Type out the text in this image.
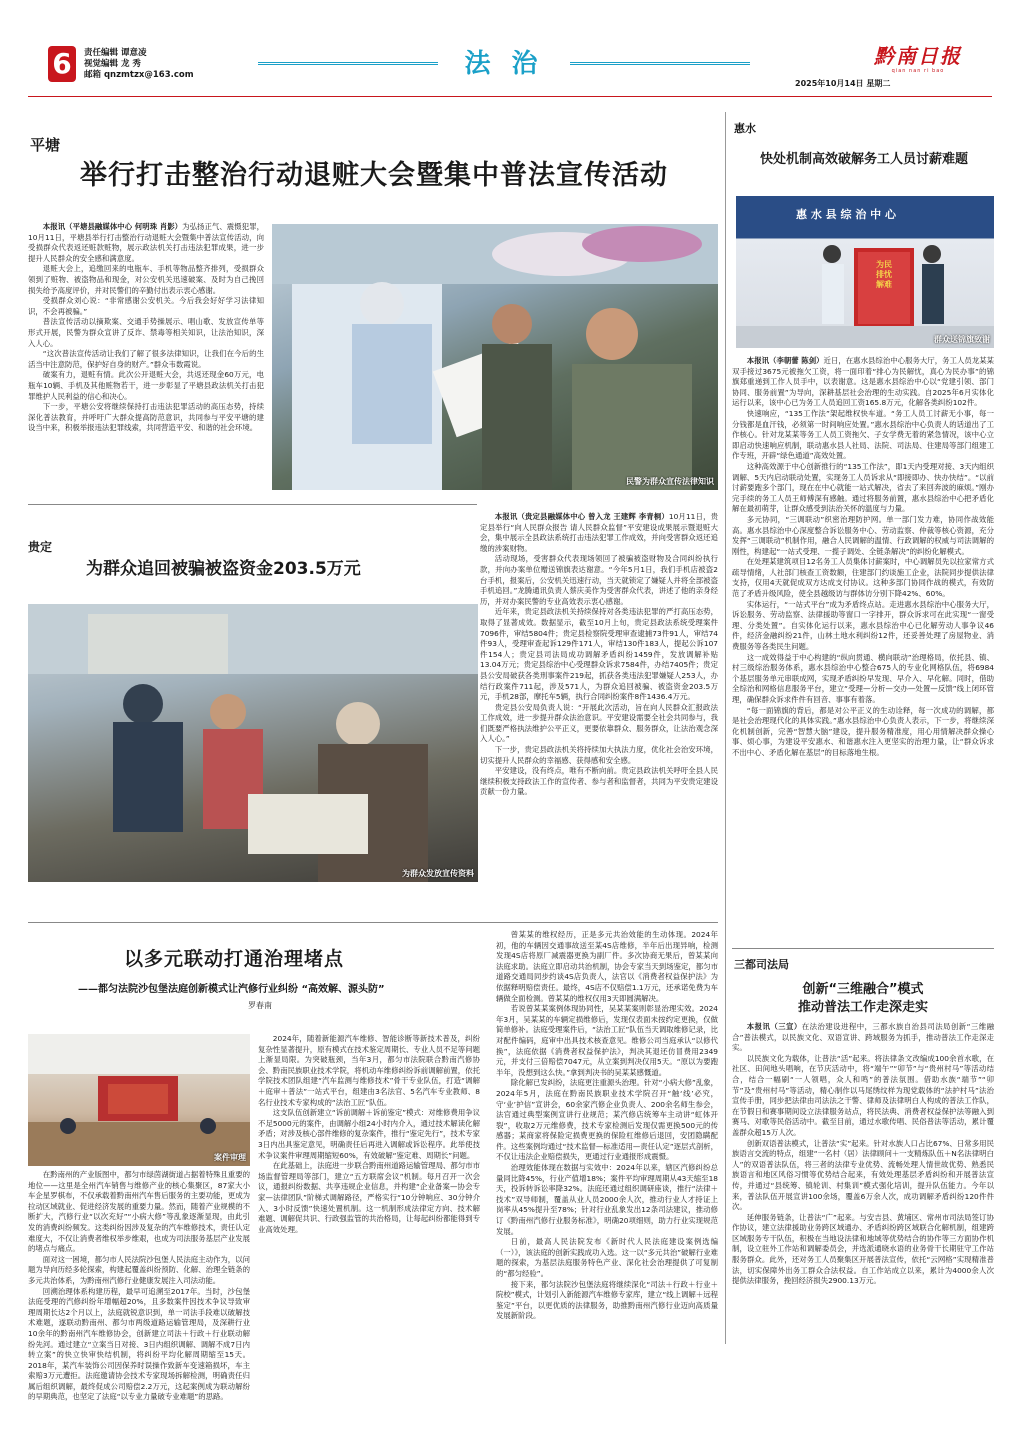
6	责任编辑 谭意凌
视觉编辑 龙 秀
邮箱 qnzmtzx@163.com	法 治	黔南日报
qian nan ri bao
2025年10月14日 星期二
平塘
举行打击整治行动退赃大会暨集中普法宣传活动

本报讯（平塘县融媒体中心 何明珠 肖影）为弘扬正气、震慑犯罪，10月11日，平塘县举行打击整治行动退赃大会暨集中普法宣传活动，向受损群众代表返还赃款赃物，展示政法机关打击违法犯罪成果，进一步提升人民群众的安全感和满意度。

退赃大会上，追缴回来的电瓶车、手机等物品整齐排列，受损群众领到了赃物、被盗物品和现金，对公安机关迅速破案、及时为自己挽回损失给予高度评价，并对民警们的辛勤付出表示衷心感谢。

受损群众刘心说：“非常感谢公安机关。今后我会好好学习法律知识，不会再被骗。”

普法宣传活动以摘欺案、交通手势操展示、唱山歌、发放宣传单等形式开展，民警为群众宣讲了反诈、禁毒等相关知识，让法治知识，深入人心。

“这次普法宣传活动让我们了解了很多法律知识，让我们在今后的生活当中注意防范，保护好自身的财产。”群众韦数霞说。

破案有力，退赃有情。此次公开退赃大会，共返还现金60万元，电瓶车10辆、手机及其他赃物若干，进一步彰显了平塘县政法机关打击犯罪维护人民利益的信心和决心。

下一步，平塘公安将继续保持打击违法犯罪活动的高压态势，持续深化普法教育，并呼吁广大群众提高防范意识，共同参与平安平塘的建设当中来，积极举报违法犯罪线索，共同营造平安、和谐的社会环境。

民警为群众宣传法律知识
贵定
为群众追回被骗被盗资金203.5万元
为群众发放宣传资料

本报讯（贵定县融媒体中心 曾入龙 王建辉 李青桐）10月11日，贵定县举行“向人民群众报告 请人民群众监督”平安建设成果展示暨退赃大会，集中展示全县政法系统打击违法犯罪工作成效，并向受害群众返还追缴的涉案财物。

活动现场，受害群众代表现场领回了被骗被盗财物及合同纠纷执行款，并向办案单位赠送锦旗表达谢意。“今年5月1日，我们手机店被盗2台手机，报案后，公安机关迅速行动，当天就锁定了嫌疑人并将全部被盗手机追回。”龙腾通讯负责人蔡庆美作为受害群众代表，讲述了他的亲身经历，并对办案民警的专业高效表示衷心感谢。

近年来，贵定县政法机关持续保持对各类违法犯罪的严打高压态势，取得了显著成效。数据显示，截至10月上旬，贵定县政法系统受理案件7096件，审结5804件；贵定县检察院受理审查逮捕73件91人，审结74件93人，受理审查起诉129件171人，审结130件183人，提起公诉107件154人；贵定县司法局成功调解矛盾纠纷1459件，发放调解补贴13.04万元；贵定县综治中心受理群众诉求7584件，办结7405件；贵定县公安局破获各类刑事案件219起，抓获各类违法犯罪嫌疑人253人，办结行政案件711起，涉及571人，为群众追回被骗、被盗资金203.5万元，手机28部，摩托车5辆，执行合同纠纷案件8件1436.4万元。

贵定县公安局负责人说：“开展此次活动，旨在向人民群众汇报政法工作成效，进一步提升群众法治意识。平安建设需要全社会共同参与，我们既要严格执法维护公平正义，更要依靠群众、服务群众，让法治观念深入人心。”

下一步，贵定县政法机关将持续加大执法力度，优化社会治安环境，切实提升人民群众的幸福感、获得感和安全感。

平安建设，没有终点，唯有不断向前。贵定县政法机关呼吁全县人民继续积极支持政法工作的宣传者、参与者和监督者，共同为平安贵定建设贡献一份力量。

以多元联动打通治理堵点
——都匀法院沙包堡法庭创新模式让汽修行业纠纷 “高效解、源头防”
罗春南
案件审理

在黔南州的产业版图中，都匀市绿茵湖街道占据着特殊且重要的地位——这里是全州汽车销售与维修产业的核心集聚区，87家大小车企星罗棋布，不仅承载着黔南州汽车售后服务的主要功能，更成为拉动区域就业、促进经济发展的重要力量。然而，随着产业规模的不断扩大，汽修行业“以次充好”“小病大修”等乱象逐渐显现，由此引发的消费纠纷频发。这类纠纷因涉及复杂的汽车维修技术，责任认定难度大，不仅让消费者维权举步维艰，也成为司法服务基层产业发展的堵点与痛点。

面对这一困境，都匀市人民法院沙包堡人民法庭主动作为，以问题为导向历经多轮探索，构建起覆盖纠纷预防、化解、治理全链条的多元共治体系，为黔南州汽修行业健康发展注入司法动能。

回溯治理体系构建历程，最早可追溯至2017年。当时，沙包堡法庭受理的汽修纠纷年增幅超20%，且多数案件因技术争议导致审理周期长达2个月以上，法庭就锐意识到，单一司法手段难以破解技术难题，遂联动黔南州、都匀市两级道路运输管理局，及深耕行业10余年的黔南州汽车维修协会，创新建立司法＋行政＋行业联动解纷先河。通过建立“立案当日对接、3日内组织调解、调解不成7日内转立案”的快立快审快结机制，将纠纷平均化解周期缩至15天。2018年，某汽车装饰公司因保养时误操作致新车变速箱损坏，车主索赔3万元遭拒。法庭邀请协会技术专家现场拆解检测，明确责任归属后组织调解，最终促成公司赔偿2.2万元，这起案例成为联动解纷的早期典范，也坚定了法庭“以专业力量破专业难题”的思路。

2024年，随着新能源汽车维修、智能诊断等新技术普及，纠纷复杂性显著提升，原有模式在技术鉴定周期长、专业人员不足等问题上渐显局限。为突破瓶颈，当年3月，都匀市法院联合黔南汽修协会、黔南民族职业技术学院，将机动车维修纠纷诉前调解前置，依托学院技术团队组建“汽车监测与维修技术”骨干专业队伍，打造“调解＋庭审＋普法”一站式平台，组建由3名法官、5名汽车专业教师、8名行业技术专家构成的“法治工匠”队伍。

这支队伍创新建立“诉前调解＋诉前鉴定”模式：对维修费用争议不足5000元的案件，由调解小组24小时内介入，通过技术解读化解矛盾；对涉及核心部件维修的复杂案件，推行“鉴定先行”，技术专家3日内出具鉴定意见，明确责任后再进入调解或诉讼程序。此举使技术争议案件审理周期缩短60%，有效破解“鉴定难、周期长”问题。

在此基础上，法庭进一步联合黔南州道路运输管理局、都匀市市场监督管理局等部门，建立“五方联席会议”机制。每月召开一次会议，通报纠纷数据、共享违规企业信息，并构建“企业备案—协会专家—法律团队”阶梯式调解路径，严格实行“10分钟响应、30分钟介入、3小时反馈”快速处置机制。这一机制形成法律定方向、技术解难题、调解促共识、行政强监管的共治格局，让每起纠纷都能得到专业高效处理。

曾某某的维权经历，正是多元共治效能的生动体现。2024年初，他的车辆因交通事故送至某4S店维修，半年后出现异响，检测发现4S店将原厂减震器更换为副厂件。多次协商无果后，曾某某向法庭求助。法庭立即启动共治机制，协会专家当天到场鉴定，都匀市道路交通局同步约谈4S店负责人，法官以《消费者权益保护法》为依据释明赔偿责任。最终，4S店不仅赔偿1.1万元，还承诺免费为车辆做全面检测。曾某某的维权仅用3天即圆满解决。

若说曾某某案例体现协同性，吴某某案则彰显治理实效。2024年3月，吴某某的车辆定损维修后，发现仅表面未按约定更换，仅做简单修补。法庭受理案件后，“法治工匠”队伍当天调取维修记录，比对配件编码，庭审中出具技术核查意见。维修公司当庭承认“以修代换”，法庭依据《消费者权益保护法》，判决其退还仿冒费用2349元，并支付三倍赔偿7047元，从立案到判决仅用5天。“原以为要跑半年，没想到这么快。”拿到判决书的吴某某感慨道。

除化解已发纠纷，法庭更注重源头治理。针对“小病大修”乱象，2024年5月，法庭在黔南民族职业技术学院召开“触‘线’必究，守‘业’护信”宣讲会，60余家汽修企业负责人、200余名师生参会，法官通过典型案例宣讲行业规范；某汽修店统筹车主动讲“虹体开裂”，收取2万元维修费，技术专家检测后发现仅需更换500元的传感器；某商家将保险定损费更换的保险杠维修后退回，安团隐瞒配件。这些案例均通过“技术监督—标准适用—责任认定”逐层式剖析，不仅让违法企业赔偿损失，更通过行业通报形成震慑。

治理效能体现在数据与实效中：2024年以来，辖区汽修纠纷总量同比降45%，行业产值增18%；案件平均审理周期从43天缩至18天，投诉转诉讼率降32%。法庭还通过组织调研座谈，推行“法律＋技术”双导师制，覆盖从业人员2000余人次，推动行业人才持证上岗率从45%提升至78%；针对行业乱象发出12条司法建议，推动修订《黔南州汽修行业服务标准》，明确20项细则，助力行业实现规范发展。

日前，最高人民法院发布《新时代人民法庭建设案例选编（一）》，该法庭的创新实践成功入选。这一以“多元共治”破解行业难题的探索，为基层法庭服务特色产业、深化社会治理提供了可复制的“都匀经验”。

接下来，都匀法院沙包堡法庭将继续深化“司法＋行政＋行业＋院校”模式，计划引入新能源汽车维修专家库，建立“线上调解＋远程鉴定”平台，以更优质的法律服务，助推黔南州汽修行业迈向高质量发展新阶段。

惠水
快处机制高效破解务工人员讨薪难题
惠 水 县 综 治 中 心
为民排忧解难
群众送锦旗致谢

本报讯（李朝蕾 陈剑）近日，在惠水县综治中心服务大厅，务工人员龙某某双手接过3675元被拖欠工资，将一面印着“排心为民解忧，真心为民办事”的锦旗郑重递到工作人员手中，以表谢意。这是惠水县综治中心以“党建引领、部门协同、服务前置”为导向，深耕基层社会治理的生动实践。自2025年6月实体化运行以来，该中心已为务工人员追回工资165.8万元，化解各类纠纷102件。

快速响应，“135工作法”架起维权快车道。“务工人员工讨薪无小事，每一分钱都是血汗钱，必须第一时间响应处置。”惠水县综治中心负责人的话道出了工作核心。针对龙某某等务工人员工资拖欠、子女学费无着的紧急情况，该中心立即启动快速响应机制，联动惠水县人社局、法院、司法局、住建局等部门组建工作专班，开辟“绿色通道”高效处置。

这种高效源于中心创新推行的“135工作法”，即1天内受理对接、3天内组织调解、5天内启动联动处置，实现务工人员诉求从“即接即办、快办快结”。“以前讨薪要跑多个部门，现在在中心就能一站式解决，省去了来回奔波的麻烦。”刚办完手续的务工人员王师傅深有感触。通过将服务前置，惠水县综治中心把矛盾化解在最初萌芽，让群众感受到法治关怀的温度与力量。

多元协同，“三调联动”织密治理防护网。单一部门发力难，协同作战效能高。惠水县综治中心深度整合诉讼服务中心、劳动监察、仲裁等核心资源，充分发挥“三调联动”机制作用，融合人民调解的温情、行政调解的权威与司法调解的刚性，构建起“一站式受理、一揽子调处、全链条解决”的纠纷化解模式。

在处理某建筑项目12名务工人员集体讨薪案时，中心调解员先以拉家常方式疏导情绪，人社部门核查工资数额，住建部门约谈施工企业，法院同步提供法律支持，仅用4天就促成双方达成支付协议。这种多部门协同作战的模式，有效防范了矛盾升级风险，使全县越级访与群体访分别下降42%、60%。

实体运行，“一站式平台”成为矛盾终点站。走进惠水县综治中心服务大厅，诉讼服务、劳动监察、法律援助等窗口一字排开，群众诉求可在此实现“一窗受理、分类处置”。自实体化运行以来，惠水县综治中心已化解劳动人事争议46件，经济金融纠纷21件，山林土地水利纠纷12件，还妥善处理了房屋物业、消费服务等各类民生问题。

这一成效得益于中心构建的“纵向贯通、横向联动”治理格局，依托县、镇、村三级综治服务体系，惠水县综治中心整合675人的专业化网格队伍，将6984个基层服务单元串联成网，实现矛盾纠纷早发现、早介入、早化解。同时，借助全综治和网格信息服务平台，建立“受理—分析—交办—处置—反馈”线上闭环管理，确保群众诉求件件有回音、事事有着落。

“每一面锦旗的背后，都是对公平正义的生动诠释，每一次成功的调解，都是社会治理现代化的具体实践。”惠水县综治中心负责人表示，下一步，将继续深化机制创新，完善“智慧大脑”建设，提升服务精准度，用心用情解决群众操心事、烦心事，为建设平安惠水、和谐惠水注入更坚实的治理力量，让“群众诉求不出中心、矛盾化解在基层”的目标落地生根。

三都司法局
创新“三维融合”模式
推动普法工作走深走实

本报讯（三宣）在法治建设进程中，三都水族自治县司法局创新“三维融合”普法模式，以民族文化、双语宣讲、跨域服务为抓手，推动普法工作走深走实。

以民族文化为载体，让普法“活”起来。将法律条文改编成100余首水歌，在社区、田间地头唱响，在节庆活动中，将“端午”“卯节”与“贵州村马”等活动结合，结合一幅刷“一人领唱，众人和鸣”的普法氛围。借助水族“端节”“卯节”及“贵州村马”等活动，精心制作以马尾绣纹样为现党载体的“法护村马”法治宣传手册，同步把法律由司法法之干警、律师及法律明白人构成的普法工作队，在节假日和赛事期间设立法律服务站点，将民法典、消费者权益保护法等融入到赛马、对歌等民俗活动中。截至目前，通过水歌传唱、民俗普法等活动，累计覆盖群众超15万人次。

创新双语普法模式，让普法“实”起来。针对水族人口占比67%、日常多用民族语言交流的特点，组建“一名村（居）法律顾问＋一支精炼队伍＋N名法律明白人”的双语普法队伍，将三者的法律专业优势、流畅处理人情世故优势、熟悉民族语言和地区风俗习惯等优势结合起来，有效处理基层矛盾纠纷和开展普法宣传，并通过“县统筹、镇轮训、村集训”模式强化培训，提升队伍能力。今年以来，普法队伍开展宣讲100余场，覆盖6万余人次，成功调解矛盾纠纷120件件次。

延伸服务链条，让普法“广”起来。与安吉县、黄埔区、常州市司法局签订协作协议，建立法律援助业务跨区域通办、矛盾纠纷跨区域联合化解机制，组建跨区域服务专干队伍，积极在当地设法律和地域等优势结合的协作等三方面协作机制，设立驻外工作站和调解委员会，并选派通晓水语的业务骨干长期驻守工作站服务群众。此外，还对务工人员聚集区开展普法宣传，依托“云网格”实现精准普法，切实保障外出务工群众合法权益。自工作站成立以来，累计为4000余人次提供法律服务，挽回经济损失2900.13万元。
